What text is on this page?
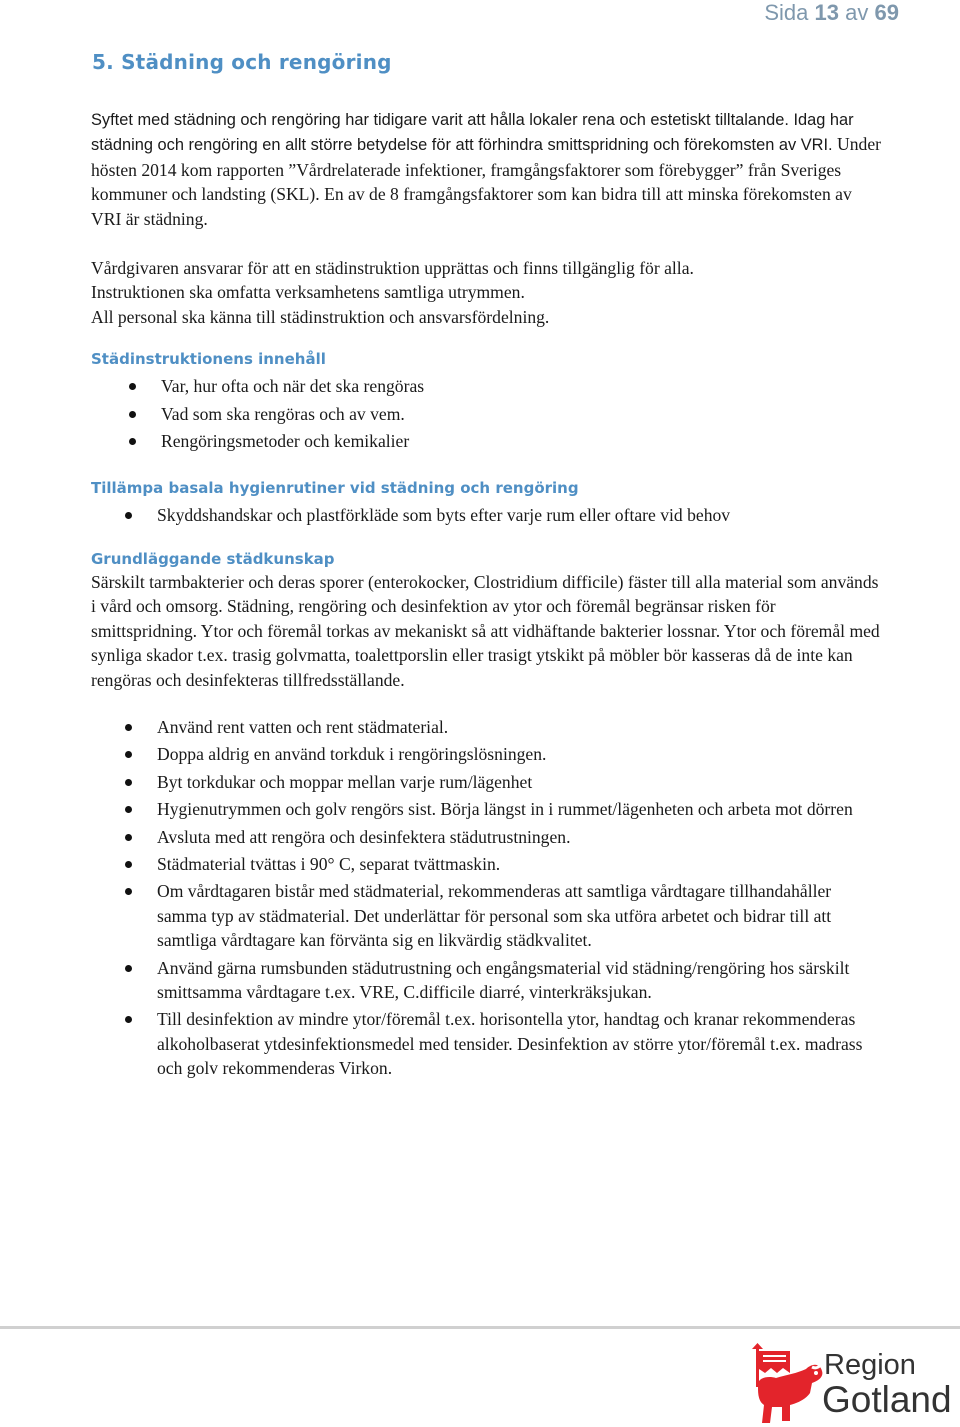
Sida 13 av 69
5. Städning och rengöring

Syftet med städning och rengöring har tidigare varit att hålla lokaler rena och estetiskt tilltalande. Idag har städning och rengöring en allt större betydelse för att förhindra smittspridning och förekomsten av VRI. Under hösten 2014 kom rapporten ”Vårdrelaterade infektioner, framgångsfaktorer som förebygger” från Sveriges kommuner och landsting (SKL). En av de 8 framgångsfaktorer som kan bidra till att minska förekomsten av VRI är städning.

Vårdgivaren ansvarar för att en städinstruktion upprättas och finns tillgänglig för alla.

Instruktionen ska omfatta verksamhetens samtliga utrymmen.

All personal ska känna till städinstruktion och ansvarsfördelning.

Städinstruktionens innehåll
Var, hur ofta och när det ska rengöras
Vad som ska rengöras och av vem.
Rengöringsmetoder och kemikalier
Tillämpa basala hygienrutiner vid städning och rengöring
Skyddshandskar och plastförkläde som byts efter varje rum eller oftare vid behov
Grundläggande städkunskap

Särskilt tarmbakterier och deras sporer (enterokocker, Clostridium difficile) fäster till alla material som används i vård och omsorg. Städning, rengöring och desinfektion av ytor och föremål begränsar risken för smittspridning. Ytor och föremål torkas av mekaniskt så att vidhäftande bakterier lossnar. Ytor och föremål med synliga skador t.ex. trasig golvmatta, toalettporslin eller trasigt ytskikt på möbler bör kasseras då de inte kan rengöras och desinfekteras tillfredsställande.

Använd rent vatten och rent städmaterial.
Doppa aldrig en använd torkduk i rengöringslösningen.
Byt torkdukar och moppar mellan varje rum/lägenhet
Hygienutrymmen och golv rengörs sist. Börja längst in i rummet/lägenheten och arbeta mot dörren
Avsluta med att rengöra och desinfektera städutrustningen.
Städmaterial tvättas i 90° C, separat tvättmaskin.
Om vårdtagaren bistår med städmaterial, rekommenderas att samtliga vårdtagare tillhandahåller samma typ av städmaterial. Det underlättar för personal som ska utföra arbetet och bidrar till att samtliga vårdtagare kan förvänta sig en likvärdig städkvalitet.
Använd gärna rumsbunden städutrustning och engångsmaterial vid städning/rengöring hos särskilt smittsamma vårdtagare t.ex. VRE, C.difficile diarré, vinterkräksjukan.
Till desinfektion av mindre ytor/föremål t.ex. horisontella ytor, handtag och kranar rekommenderas alkoholbaserat ytdesinfektionsmedel med tensider. Desinfektion av större ytor/föremål t.ex. madrass och golv rekommenderas Virkon.
Region
Gotland
